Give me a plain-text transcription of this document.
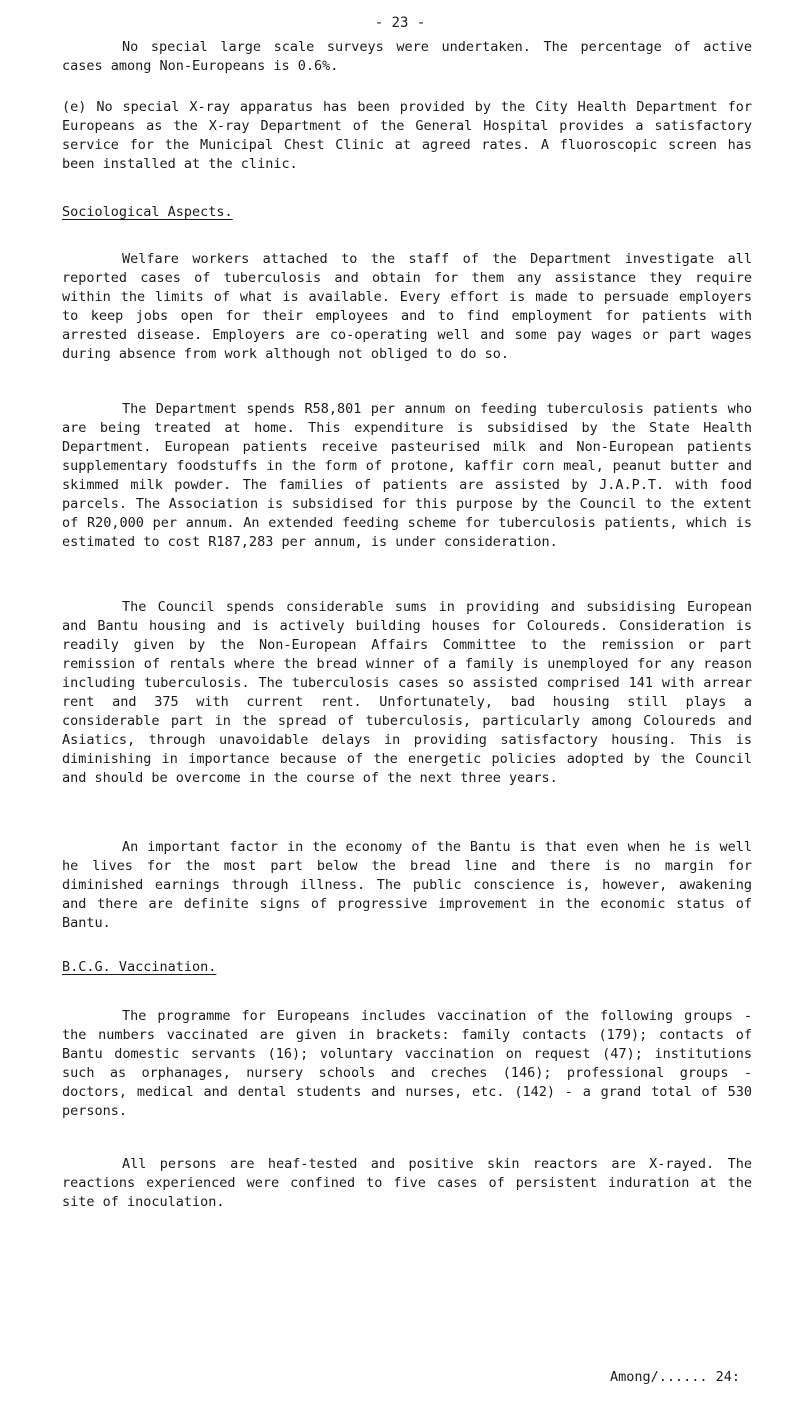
- 23 -

No special large scale surveys were undertaken. The percentage of active cases among Non-Europeans is 0.6%.

(e) No special X-ray apparatus has been provided by the City Health Department for Europeans as the X-ray Department of the General Hospital provides a satisfactory service for the Municipal Chest Clinic at agreed rates. A fluoroscopic screen has been installed at the clinic.

Sociological Aspects.

Welfare workers attached to the staff of the Department investigate all reported cases of tuberculosis and obtain for them any assistance they require within the limits of what is available. Every effort is made to persuade employers to keep jobs open for their employees and to find employment for patients with arrested disease. Employers are co-operating well and some pay wages or part wages during absence from work although not obliged to do so.

The Department spends R58,801 per annum on feeding tuberculosis patients who are being treated at home. This expenditure is subsidised by the State Health Department. European patients receive pasteurised milk and Non-European patients supplementary foodstuffs in the form of protone, kaffir corn meal, peanut butter and skimmed milk powder. The families of patients are assisted by J.A.P.T. with food parcels. The Association is subsidised for this purpose by the Council to the extent of R20,000 per annum. An extended feeding scheme for tuberculosis patients, which is estimated to cost R187,283 per annum, is under consideration.

The Council spends considerable sums in providing and subsidising European and Bantu housing and is actively building houses for Coloureds. Consideration is readily given by the Non-European Affairs Committee to the remission or part remission of rentals where the bread winner of a family is unemployed for any reason including tuberculosis. The tuberculosis cases so assisted comprised 141 with arrear rent and 375 with current rent. Unfortunately, bad housing still plays a considerable part in the spread of tuberculosis, particularly among Coloureds and Asiatics, through unavoidable delays in providing satisfactory housing. This is diminishing in importance because of the energetic policies adopted by the Council and should be overcome in the course of the next three years.

An important factor in the economy of the Bantu is that even when he is well he lives for the most part below the bread line and there is no margin for diminished earnings through illness. The public conscience is, however, awakening and there are definite signs of progressive improvement in the economic status of Bantu.

B.C.G. Vaccination.

The programme for Europeans includes vaccination of the following groups - the numbers vaccinated are given in brackets: family contacts (179); contacts of Bantu domestic servants (16); voluntary vaccination on request (47); institutions such as orphanages, nursery schools and creches (146); professional groups - doctors, medical and dental students and nurses, etc. (142) - a grand total of 530 persons.

All persons are heaf-tested and positive skin reactors are X-rayed. The reactions experienced were confined to five cases of persistent induration at the site of inoculation.

Among/...... 24:
